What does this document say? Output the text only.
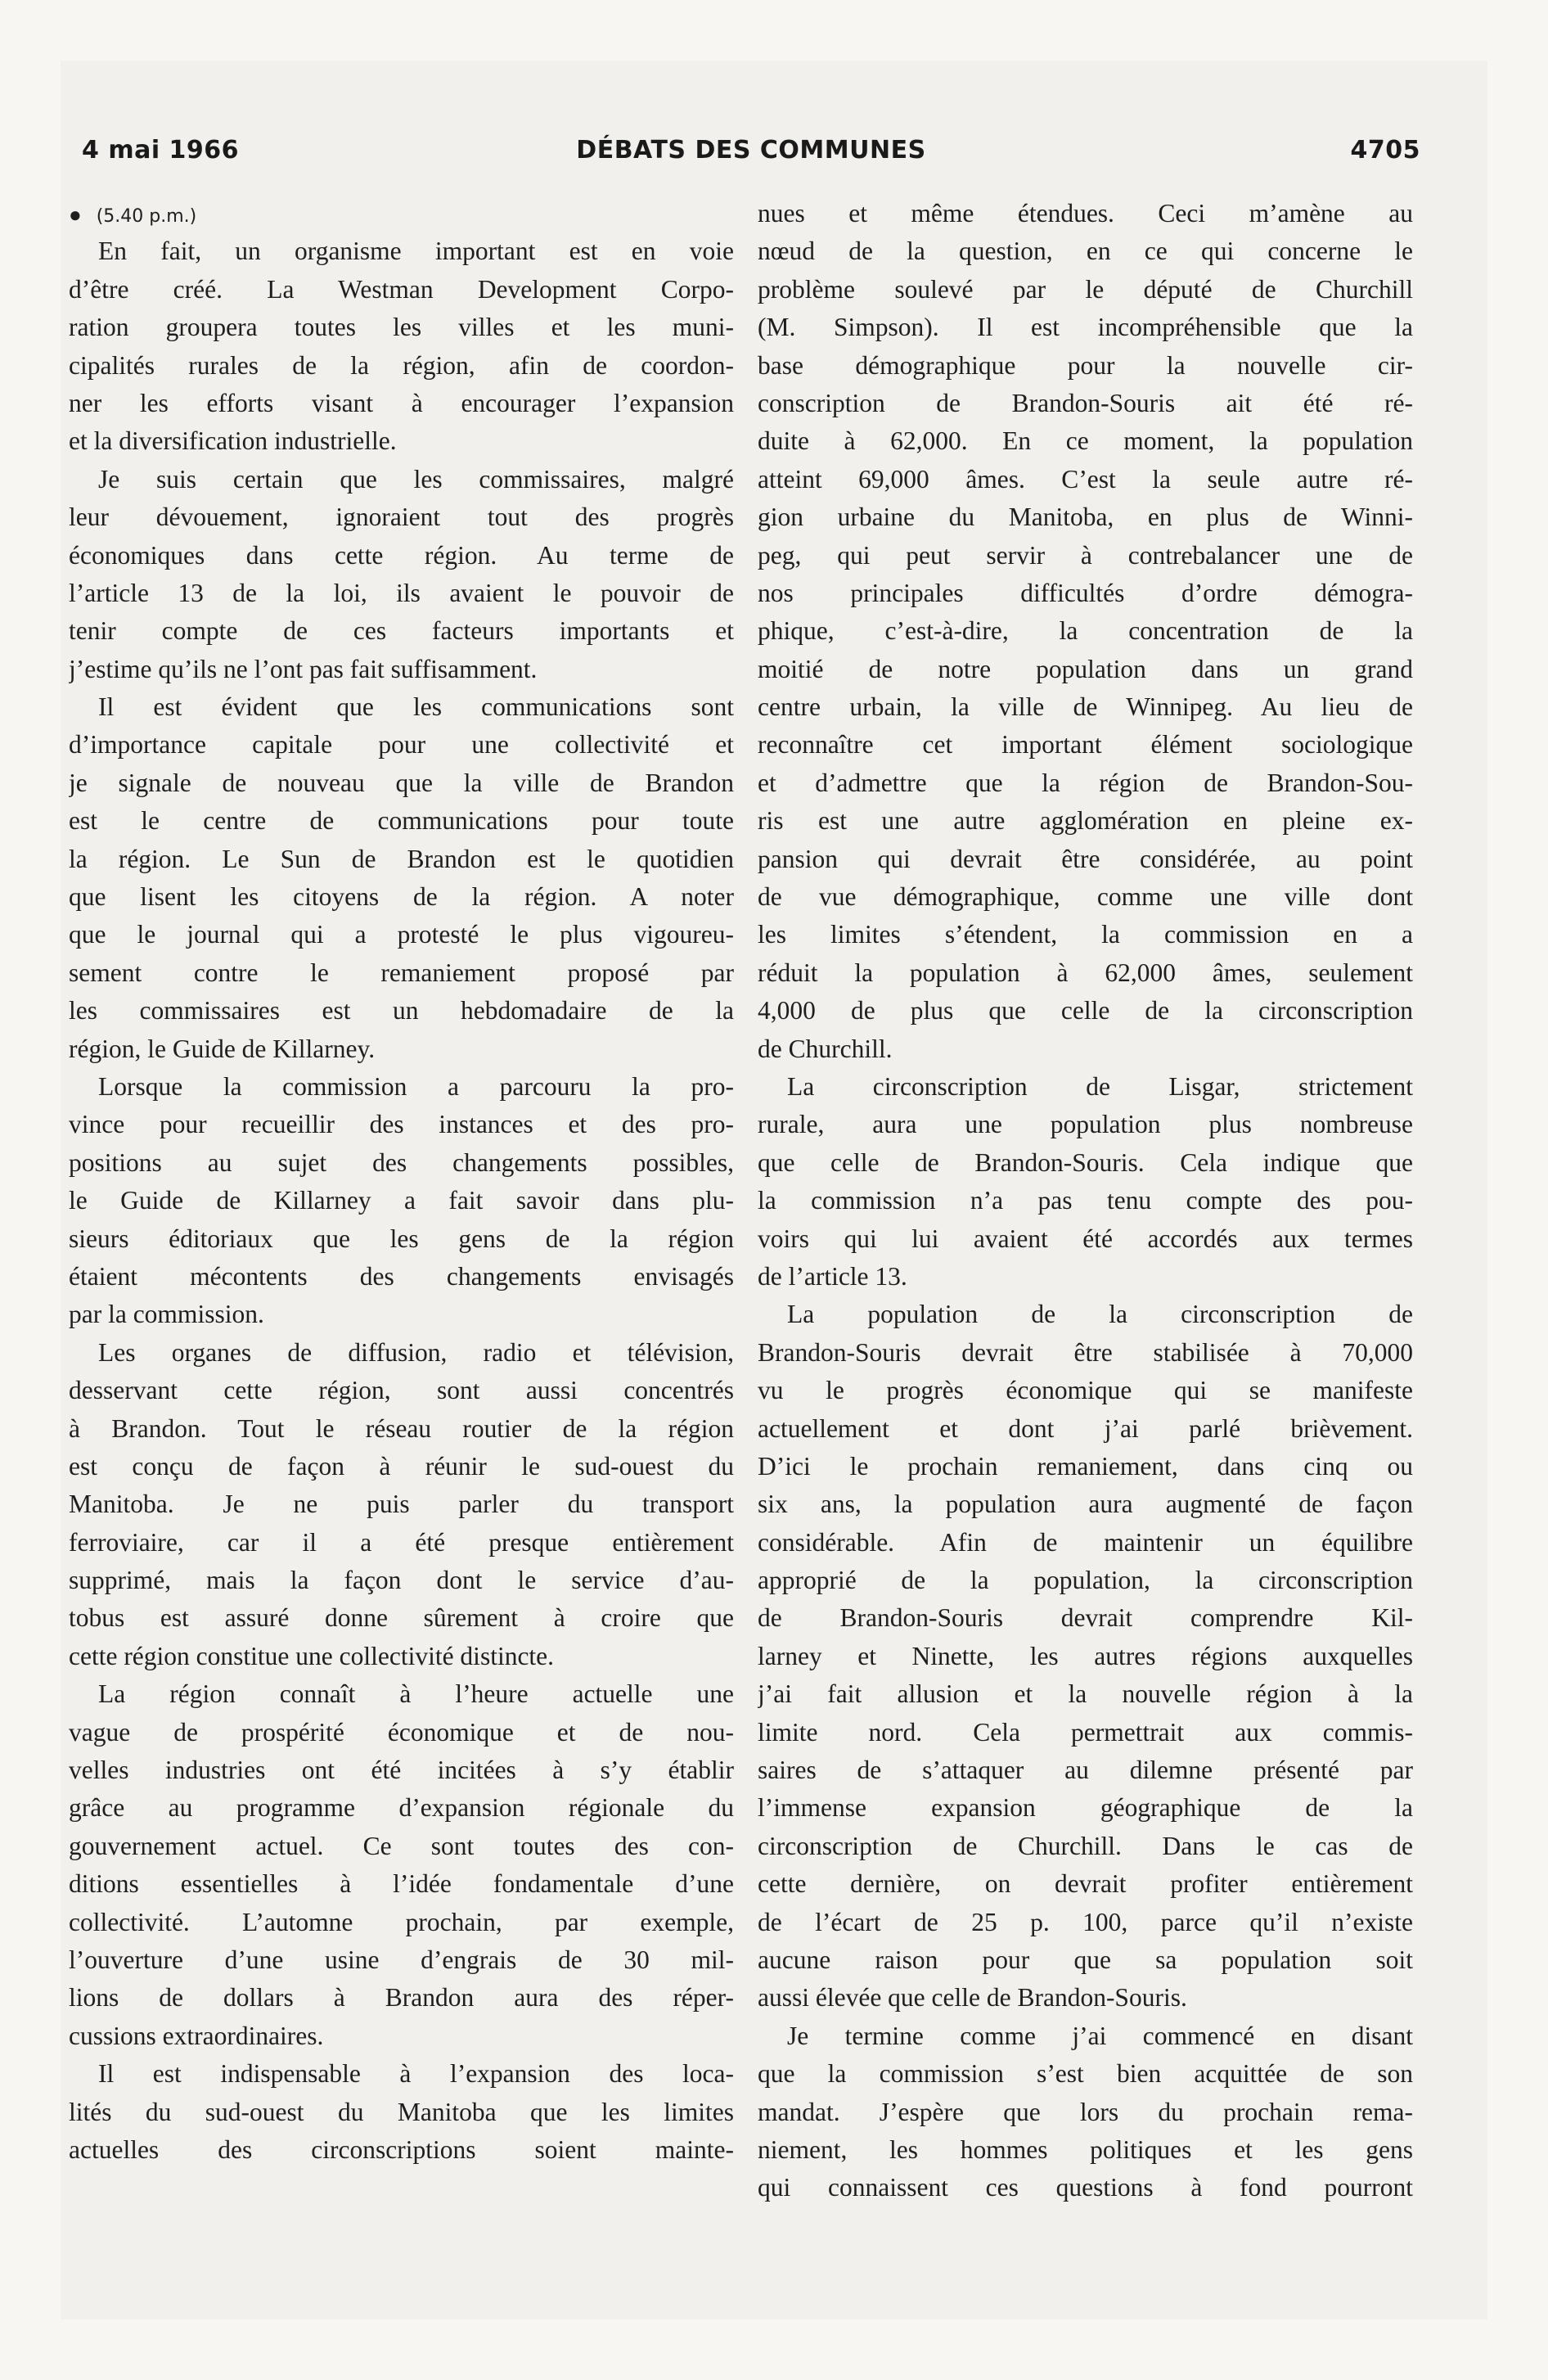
4 mai 1966	DÉBATS DES COMMUNES	4705
● (5.40 p.m.)
En fait, un organisme important est en voie
d’être créé. La Westman Development Corpo-
ration groupera toutes les villes et les muni-
cipalités rurales de la région, afin de coordon-
ner les efforts visant à encourager l’expansion
et la diversification industrielle.
Je suis certain que les commissaires, malgré
leur dévouement, ignoraient tout des progrès
économiques dans cette région. Au terme de
l’article 13 de la loi, ils avaient le pouvoir de
tenir compte de ces facteurs importants et
j’estime qu’ils ne l’ont pas fait suffisamment.
Il est évident que les communications sont
d’importance capitale pour une collectivité et
je signale de nouveau que la ville de Brandon
est le centre de communications pour toute
la région. Le Sun de Brandon est le quotidien
que lisent les citoyens de la région. A noter
que le journal qui a protesté le plus vigoureu-
sement contre le remaniement proposé par
les commissaires est un hebdomadaire de la
région, le Guide de Killarney.
Lorsque la commission a parcouru la pro-
vince pour recueillir des instances et des pro-
positions au sujet des changements possibles,
le Guide de Killarney a fait savoir dans plu-
sieurs éditoriaux que les gens de la région
étaient mécontents des changements envisagés
par la commission.
Les organes de diffusion, radio et télévision,
desservant cette région, sont aussi concentrés
à Brandon. Tout le réseau routier de la région
est conçu de façon à réunir le sud-ouest du
Manitoba. Je ne puis parler du transport
ferroviaire, car il a été presque entièrement
supprimé, mais la façon dont le service d’au-
tobus est assuré donne sûrement à croire que
cette région constitue une collectivité distincte.
La région connaît à l’heure actuelle une
vague de prospérité économique et de nou-
velles industries ont été incitées à s’y établir
grâce au programme d’expansion régionale du
gouvernement actuel. Ce sont toutes des con-
ditions essentielles à l’idée fondamentale d’une
collectivité. L’automne prochain, par exemple,
l’ouverture d’une usine d’engrais de 30 mil-
lions de dollars à Brandon aura des réper-
cussions extraordinaires.
Il est indispensable à l’expansion des loca-
lités du sud-ouest du Manitoba que les limites
actuelles des circonscriptions soient mainte-
nues et même étendues. Ceci m’amène au
nœud de la question, en ce qui concerne le
problème soulevé par le député de Churchill
(M. Simpson). Il est incompréhensible que la
base démographique pour la nouvelle cir-
conscription de Brandon-Souris ait été ré-
duite à 62,000. En ce moment, la population
atteint 69,000 âmes. C’est la seule autre ré-
gion urbaine du Manitoba, en plus de Winni-
peg, qui peut servir à contrebalancer une de
nos principales difficultés d’ordre démogra-
phique, c’est-à-dire, la concentration de la
moitié de notre population dans un grand
centre urbain, la ville de Winnipeg. Au lieu de
reconnaître cet important élément sociologique
et d’admettre que la région de Brandon-Sou-
ris est une autre agglomération en pleine ex-
pansion qui devrait être considérée, au point
de vue démographique, comme une ville dont
les limites s’étendent, la commission en a
réduit la population à 62,000 âmes, seulement
4,000 de plus que celle de la circonscription
de Churchill.
La circonscription de Lisgar, strictement
rurale, aura une population plus nombreuse
que celle de Brandon-Souris. Cela indique que
la commission n’a pas tenu compte des pou-
voirs qui lui avaient été accordés aux termes
de l’article 13.
La population de la circonscription de
Brandon-Souris devrait être stabilisée à 70,000
vu le progrès économique qui se manifeste
actuellement et dont j’ai parlé brièvement.
D’ici le prochain remaniement, dans cinq ou
six ans, la population aura augmenté de façon
considérable. Afin de maintenir un équilibre
approprié de la population, la circonscription
de Brandon-Souris devrait comprendre Kil-
larney et Ninette, les autres régions auxquelles
j’ai fait allusion et la nouvelle région à la
limite nord. Cela permettrait aux commis-
saires de s’attaquer au dilemne présenté par
l’immense expansion géographique de la
circonscription de Churchill. Dans le cas de
cette dernière, on devrait profiter entièrement
de l’écart de 25 p. 100, parce qu’il n’existe
aucune raison pour que sa population soit
aussi élevée que celle de Brandon-Souris.
Je termine comme j’ai commencé en disant
que la commission s’est bien acquittée de son
mandat. J’espère que lors du prochain rema-
niement, les hommes politiques et les gens
qui connaissent ces questions à fond pourront
